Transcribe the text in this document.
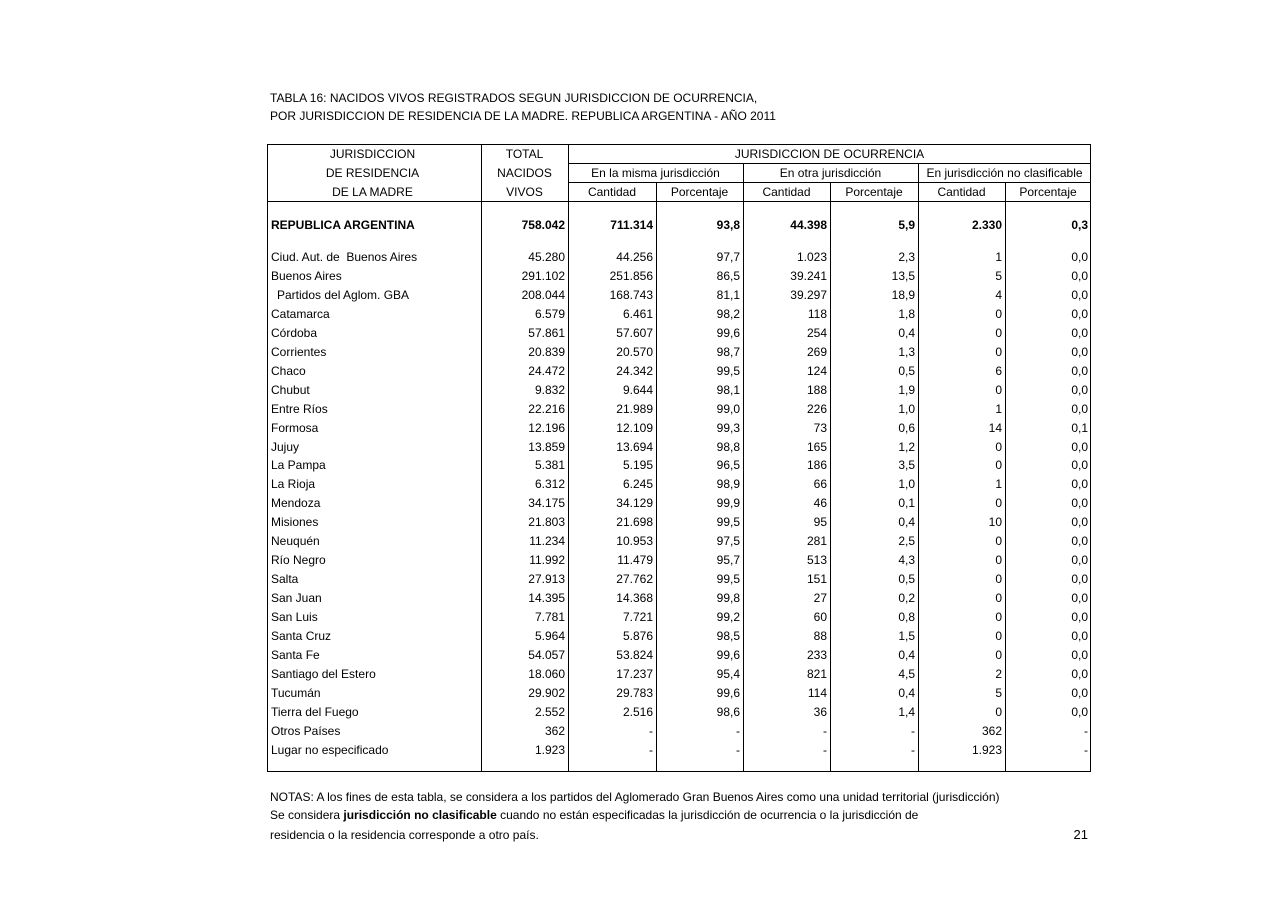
TABLA 16: NACIDOS VIVOS REGISTRADOS SEGUN JURISDICCION DE OCURRENCIA,
POR JURISDICCION DE RESIDENCIA DE LA MADRE. REPUBLICA ARGENTINA - AÑO 2011
JURISDICCION
DE RESIDENCIA
DE LA MADRE
TOTAL
NACIDOS
VIVOS
JURISDICCION DE OCURRENCIA
En la misma jurisdicción	En otra jurisdicción	En jurisdicción no clasificable
Cantidad	Porcentaje	Cantidad	Porcentaje	Cantidad	Porcentaje
REPUBLICA ARGENTINA	758.042	711.314	93,8	44.398	5,9	2.330	0,3
Ciud. Aut. de  Buenos Aires	45.280	44.256	97,7	1.023	2,3	1	0,0
Buenos Aires	291.102	251.856	86,5	39.241	13,5	5	0,0
Partidos del Aglom. GBA	208.044	168.743	81,1	39.297	18,9	4	0,0
Catamarca	6.579	6.461	98,2	118	1,8	0	0,0
Córdoba	57.861	57.607	99,6	254	0,4	0	0,0
Corrientes	20.839	20.570	98,7	269	1,3	0	0,0
Chaco	24.472	24.342	99,5	124	0,5	6	0,0
Chubut	9.832	9.644	98,1	188	1,9	0	0,0
Entre Ríos	22.216	21.989	99,0	226	1,0	1	0,0
Formosa	12.196	12.109	99,3	73	0,6	14	0,1
Jujuy	13.859	13.694	98,8	165	1,2	0	0,0
La Pampa	5.381	5.195	96,5	186	3,5	0	0,0
La Rioja	6.312	6.245	98,9	66	1,0	1	0,0
Mendoza	34.175	34.129	99,9	46	0,1	0	0,0
Misiones	21.803	21.698	99,5	95	0,4	10	0,0
Neuquén	11.234	10.953	97,5	281	2,5	0	0,0
Río Negro	11.992	11.479	95,7	513	4,3	0	0,0
Salta	27.913	27.762	99,5	151	0,5	0	0,0
San Juan	14.395	14.368	99,8	27	0,2	0	0,0
San Luis	7.781	7.721	99,2	60	0,8	0	0,0
Santa Cruz	5.964	5.876	98,5	88	1,5	0	0,0
Santa Fe	54.057	53.824	99,6	233	0,4	0	0,0
Santiago del Estero	18.060	17.237	95,4	821	4,5	2	0,0
Tucumán	29.902	29.783	99,6	114	0,4	5	0,0
Tierra del Fuego	2.552	2.516	98,6	36	1,4	0	0,0
Otros Países	362	-	-	-	-	362	-
Lugar no especificado	1.923	-	-	-	-	1.923	-
NOTAS: A los fines de esta tabla, se considera a los partidos del Aglomerado Gran Buenos Aires como una unidad territorial (jurisdicción)
Se considera jurisdicción no clasificable cuando no están especificadas la jurisdicción de ocurrencia o la jurisdicción de
residencia o la residencia corresponde a otro país.	21
